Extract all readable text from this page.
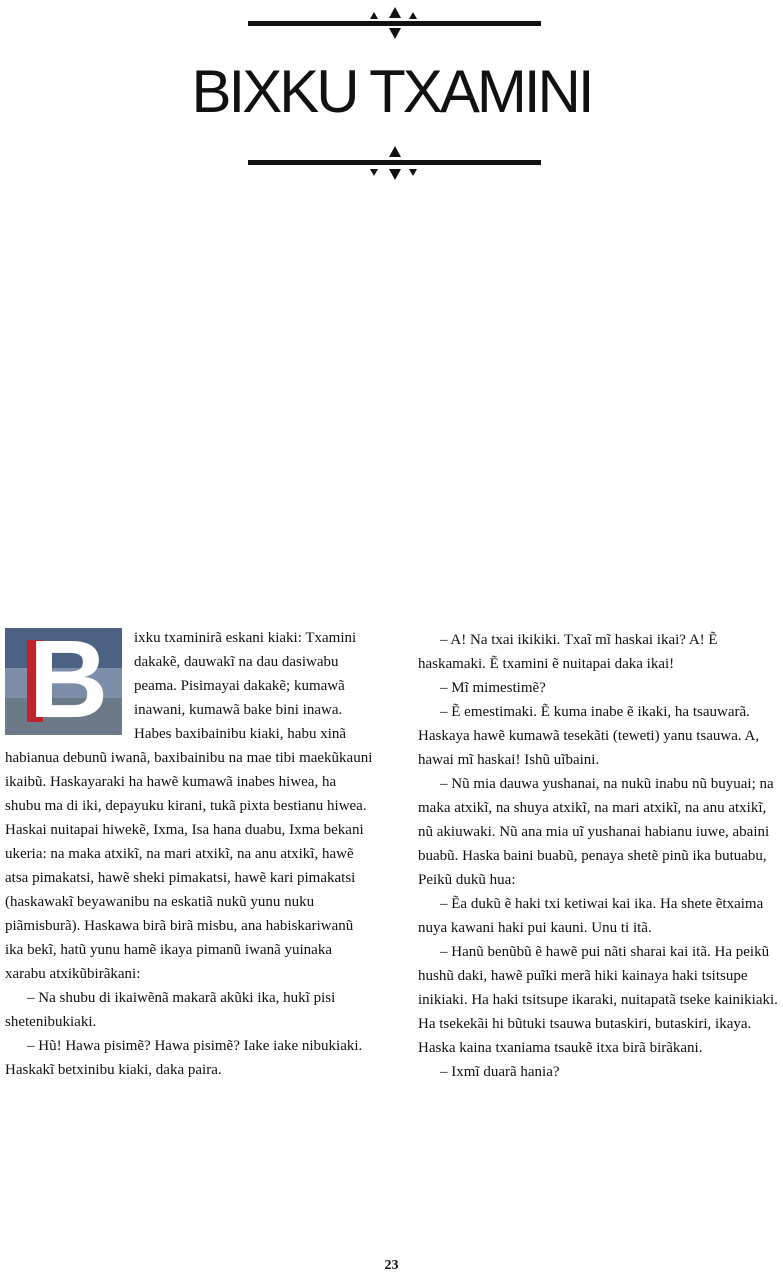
BIXKU TXAMINI
B	ixku txaminirã eskani kiaki: Txamini dakakẽ, dauwakĩ na dau dasiwabu peama. Pisimayai dakakẽ; kumawã inawani, kumawã bake bini inawa. Habes baxibainibu kiaki, habu xinã habianua debunũ iwanã, baxibainibu na mae tibi maekũkauni ikaibũ. Haskayaraki ha hawẽ kumawã inabes hiwea, ha shubu ma di iki, depayuku kirani, tukã pixta bestianu hiwea. Haskai nuitapai hiwekẽ, Ixma, Isa hana duabu, Ixma bekani ukeria: na maka atxikĩ, na mari atxikĩ, na anu atxikĩ, hawẽ atsa pimakatsi, hawẽ sheki pimakatsi, hawẽ kari pimakatsi (haskawakĩ beyawanibu na eskatiã nukũ yunu nuku piãmisburã). Haskawa birã birã misbu, ana habiskariwanũ ika bekĩ, hatũ yunu hamẽ ikaya pimanũ iwanã yuinaka xarabu atxikũbirãkani:

– Na shubu di ikaiwẽnã makarã akũki ika, hukĩ pisi shetenibukiaki.

– Hũ! Hawa pisimẽ? Hawa pisimẽ? Iake iake nibukiaki. Haskakĩ betxinibu kiaki, daka paira.

– A! Na txai ikikiki. Txaĩ mĩ haskai ikai? A! Ẽ haskamaki. Ẽ txamini ẽ nuitapai daka ikai!

– Mĩ mimestimẽ?

– Ẽ emestimaki. Ẽ kuma inabe ẽ ikaki, ha tsauwarã. Haskaya hawẽ kumawã tesekãti (teweti) yanu tsauwa. A, hawai mĩ haskai! Ishũ uĩbaini.

– Nũ mia dauwa yushanai, na nukũ inabu nũ buyuai; na maka atxikĩ, na shuya atxikĩ, na mari atxikĩ, na anu atxikĩ, nũ akiuwaki. Nũ ana mia uĩ yushanai habianu iuwe, abaini buabũ. Haska baini buabũ, penaya shetẽ pinũ ika butuabu, Peikũ dukũ hua:

– Ẽa dukũ ẽ haki txi ketiwai kai ika. Ha shete ẽtxaima nuya kawani haki pui kauni. Unu ti itã.

– Hanũ benũbũ ẽ hawẽ pui nãti sharai kai itã. Ha peikũ hushũ daki, hawẽ puĩki merã hiki kainaya haki tsitsupe inikiaki. Ha haki tsitsupe ikaraki, nuitapatã tseke kainikiaki. Ha tsekekãi hi bũtuki tsauwa butaskiri, butaskiri, ikaya. Haska kaina txaniama tsaukẽ itxa birã birãkani.

– Ixmĩ duarã hania?

23
